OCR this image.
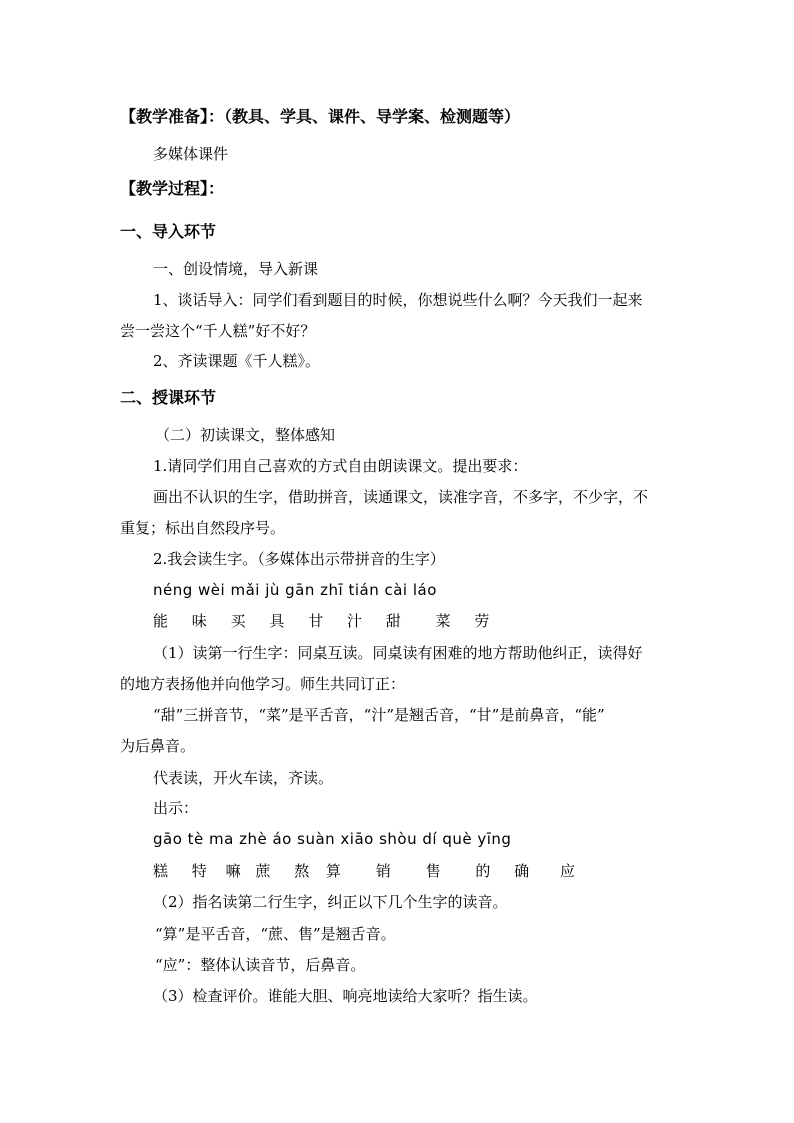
【教学准备】：（教具、学具、课件、导学案、检测题等）
多媒体课件
【教学过程】：
一、导入环节
一、创设情境，导入新课
1、谈话导入：同学们看到题目的时候，你想说些什么啊？今天我们一起来
尝一尝这个“千人糕”好不好？
2、齐读课题《千人糕》。
二、授课环节
（二）初读课文，整体感知
1.请同学们用自己喜欢的方式自由朗读课文。提出要求：
画出不认识的生字，借助拼音，读通课文，读准字音，不多字，不少字，不
重复；标出自然段序号。
2.我会读生字。（多媒体出示带拼音的生字）
néng wèi mǎi jù gān zhī tián cài láo
能 味 买 具 甘 汁 甜 菜 劳
（1）读第一行生字：同桌互读。同桌读有困难的地方帮助他纠正，读得好
的地方表扬他并向他学习。师生共同订正：
“甜”三拼音节，“菜”是平舌音，“汁”是翘舌音，“甘”是前鼻音，“能”
为后鼻音。
代表读，开火车读，齐读。
出示：
gāo tè ma zhè áo suàn xiāo shòu dí què yīng
糕 特 嘛 蔗 熬 算 销 售 的 确 应
（2）指名读第二行生字，纠正以下几个生字的读音。
“算”是平舌音，“蔗、售”是翘舌音。
“应”：整体认读音节，后鼻音。
（3）检查评价。谁能大胆、响亮地读给大家听？指生读。
